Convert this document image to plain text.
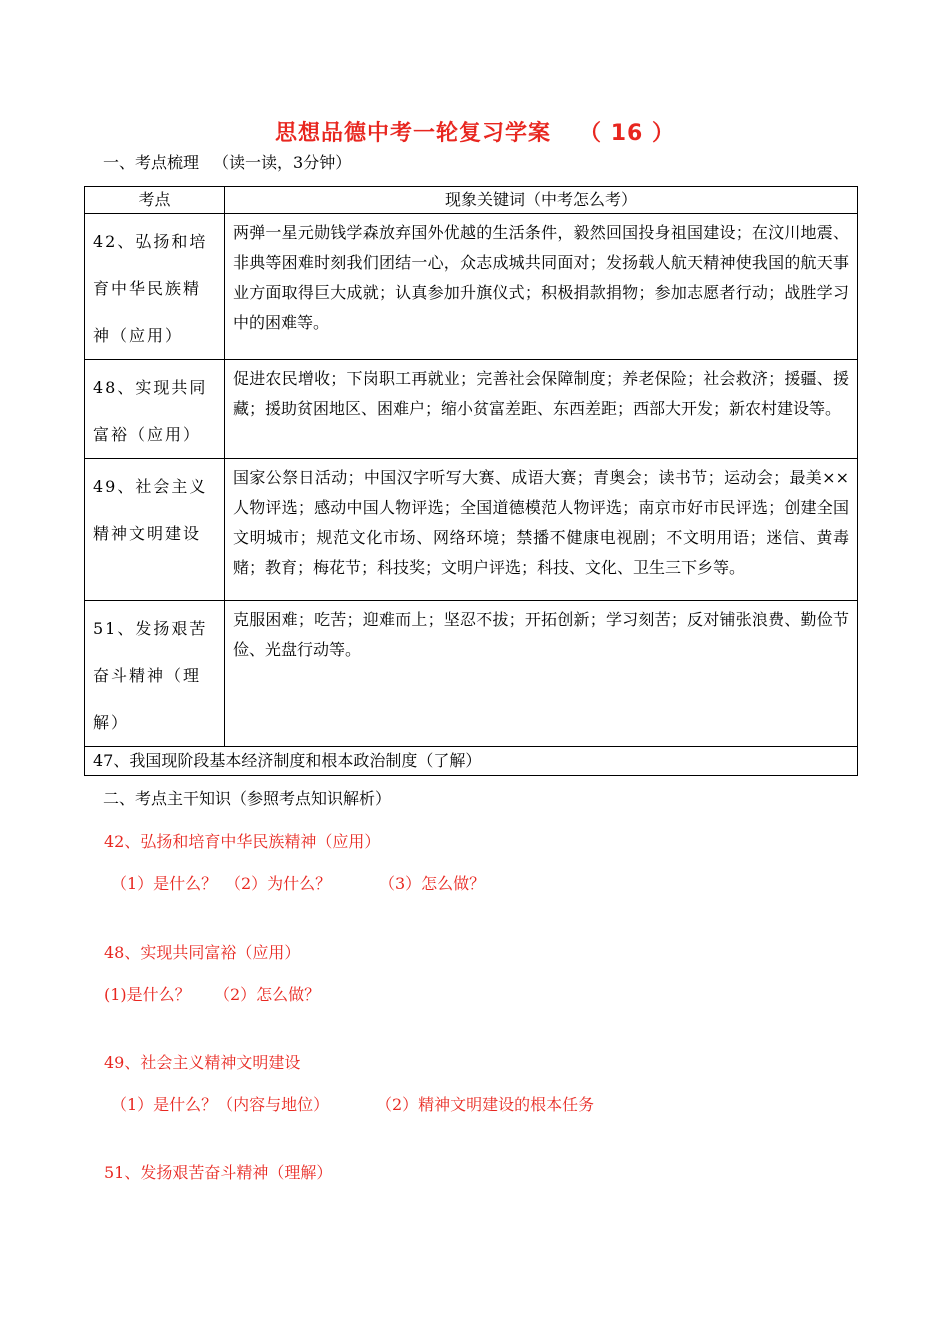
思想品德中考一轮复习学案 （ 16 ）
一、考点梳理 （读一读，3分钟）
考点	现象关键词（中考怎么考）
42、弘扬和培育中华民族精神（应用）	两弹一星元勋钱学森放弃国外优越的生活条件，毅然回国投身祖国建设；在汶川地震、非典等困难时刻我们团结一心，众志成城共同面对；发扬载人航天精神使我国的航天事业方面取得巨大成就；认真参加升旗仪式；积极捐款捐物；参加志愿者行动；战胜学习中的困难等。
48、实现共同富裕（应用）	促进农民增收；下岗职工再就业；完善社会保障制度；养老保险；社会救济；援疆、援藏；援助贫困地区、困难户；缩小贫富差距、东西差距；西部大开发；新农村建设等。
49、社会主义精神文明建设	国家公祭日活动；中国汉字听写大赛、成语大赛；青奥会；读书节；运动会；最美××人物评选；感动中国人物评选；全国道德模范人物评选；南京市好市民评选；创建全国文明城市；规范文化市场、网络环境；禁播不健康电视剧；不文明用语；迷信、黄毒赌；教育；梅花节；科技奖；文明户评选；科技、文化、卫生三下乡等。
51、发扬艰苦奋斗精神（理解）	克服困难；吃苦；迎难而上；坚忍不拔；开拓创新；学习刻苦；反对铺张浪费、勤俭节俭、光盘行动等。
47、我国现阶段基本经济制度和根本政治制度（了解）	
二、考点主干知识（参照考点知识解析）
42、弘扬和培育中华民族精神（应用）
（1）是什么？ （2）为什么？	（3）怎么做？
48、实现共同富裕（应用）
(1)是什么？ （2）怎么做？
49、社会主义精神文明建设
（1）是什么？（内容与地位）	（2）精神文明建设的根本任务
51、发扬艰苦奋斗精神（理解）
